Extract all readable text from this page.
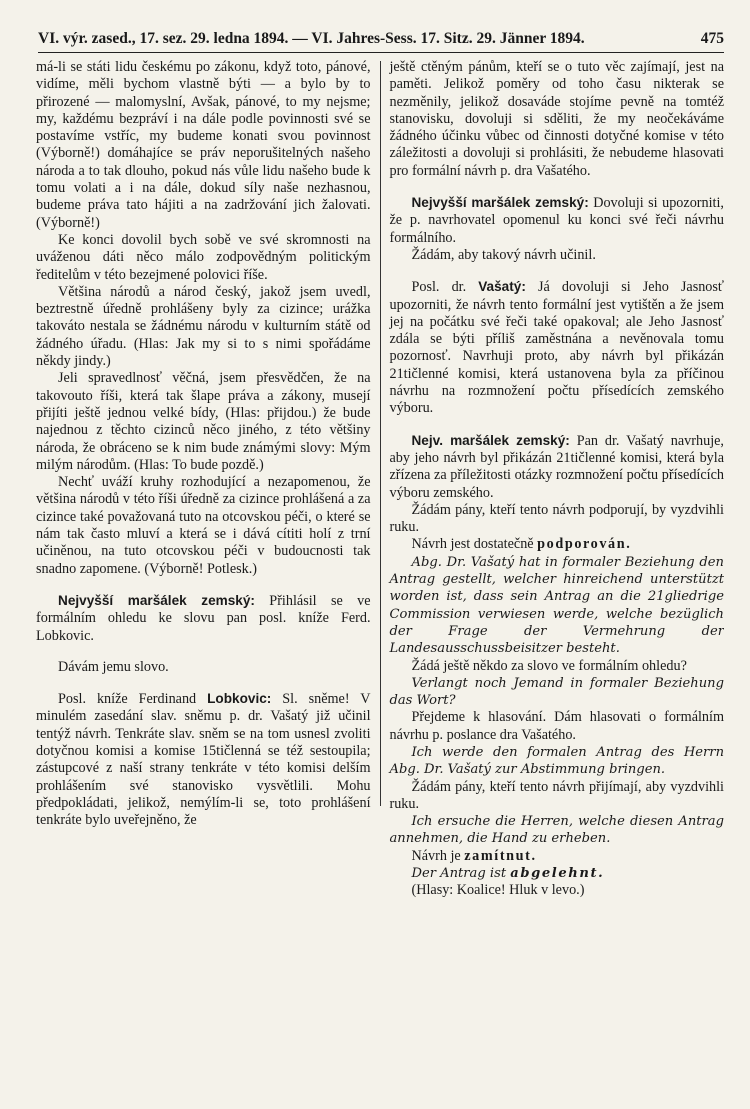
VI. výr. zased., 17. sez. 29. ledna 1894. — VI. Jahres-Sess. 17. Sitz. 29. Jänner 1894.	475

má-li se státi lidu českému po zákonu, když toto, pánové, vidíme, měli bychom vlastně býti — a bylo by to přirozené — malomyslní, Avšak, pánové, to my nejsme; my, každému bezpráví i na dále podle povinnosti své se postavíme vstříc, my budeme konati svou povinnost (Výborně!) domáhajíce se práv neporušitelných našeho národa a to tak dlouho, pokud nás vůle lidu našeho bude k tomu volati a i na dále, dokud síly naše nezhasnou, budeme práva tato hájiti a na zadržování jich žalovati. (Výborně!)

Ke konci dovolil bych sobě ve své skromnosti na uváženou dáti něco málo zodpovědným politickým ředitelům v této bezejmené polovici říše.

Většina národů a národ český, jakož jsem uvedl, beztrestně úředně prohlášeny byly za cizince; urážka takováto nestala se žádnému národu v kulturním státě od žádného úřadu. (Hlas: Jak my si to s nimi spořádáme někdy jindy.)

Jeli spravedlnosť věčná, jsem přesvědčen, že na takovouto říši, která tak šlape práva a zákony, musejí přijíti ještě jednou velké bídy, (Hlas: přijdou.) že bude najednou z těchto cizinců něco jiného, z této většiny národa, že obráceno se k nim bude známými slovy: Mým milým národům. (Hlas: To bude pozdě.)

Nechť uváží kruhy rozhodující a nezapomenou, že většina národů v této říši úředně za cizince prohlášená a za cizince také považovaná tuto na otcovskou péči, o které se nám tak často mluví a která se i dává cítiti holí z trní učiněnou, na tuto otcovskou péči v budoucnosti tak snadno zapomene. (Výborně! Potlesk.)

Nejvyšší maršálek zemský: Přihlásil se ve formálním ohledu ke slovu pan posl. kníže Ferd. Lobkovic.

Dávám jemu slovo.

Posl. kníže Ferdinand Lobkovic: Sl. sněme! V minulém zasedání slav. sněmu p. dr. Vašatý již učinil tentýž návrh. Tenkráte slav. sněm se na tom usnesl zvoliti dotyčnou komisi a komise 15tičlenná se též sestoupila; zástupcové z naší strany tenkráte v této komisi delším prohlášením své stanovisko vysvětlili. Mohu předpokládati, jelikož, nemýlím-li se, toto prohlášení tenkráte bylo uveřejněno, že

ještě ctěným pánům, kteří se o tuto věc zajímají, jest na paměti. Jelikož poměry od toho času nikterak se nezměnily, jelikož dosaváde stojíme pevně na tomtéž stanovisku, dovoluji si sděliti, že my neočekáváme žádného účinku vůbec od činnosti dotyčné komise v této záležitosti a dovoluji si prohlásiti, že nebudeme hlasovati pro formální návrh p. dra Vašatého.

Nejvyšší maršálek zemský: Dovoluji si upozorniti, že p. navrhovatel opomenul ku konci své řeči návrhu formálního.

Žádám, aby takový návrh učinil.

Posl. dr. Vašatý: Já dovoluji si Jeho Jasnosť upozorniti, že návrh tento formální jest vytištěn a že jsem jej na počátku své řeči také opakoval; ale Jeho Jasnosť zdála se býti příliš zaměstnána a nevěnovala tomu pozornosť. Navrhuji proto, aby návrh byl přikázán 21tičlenné komisi, která ustanovena byla za příčinou návrhu na rozmnožení počtu přísedících zemského výboru.

Nejv. maršálek zemský: Pan dr. Vašatý navrhuje, aby jeho návrh byl přikázán 21tičlenné komisi, která byla zřízena za příležitosti otázky rozmnožení počtu přísedících výboru zemského.

Žádám pány, kteří tento návrh podporují, by vyzdvihli ruku.

Návrh jest dostatečně podporován.

Abg. Dr. Vašatý hat in formaler Beziehung den Antrag gestellt, welcher hinreichend unterstützt worden ist, dass sein Antrag an die 21gliedrige Commission verwiesen werde, welche bezüglich der Frage der Vermehrung der Landesausschussbeisitzer besteht.

Žádá ještě někdo za slovo ve formálním ohledu?

Verlangt noch Jemand in formaler Beziehung das Wort?

Přejdeme k hlasování. Dám hlasovati o formálním návrhu p. poslance dra Vašatého.

Ich werde den formalen Antrag des Herrn Abg. Dr. Vašatý zur Abstimmung bringen.

Žádám pány, kteří tento návrh přijímají, aby vyzdvihli ruku.

Ich ersuche die Herren, welche diesen Antrag annehmen, die Hand zu erheben.

Návrh je zamítnut.

Der Antrag ist abgelehnt.

(Hlasy: Koalice! Hluk v levo.)
